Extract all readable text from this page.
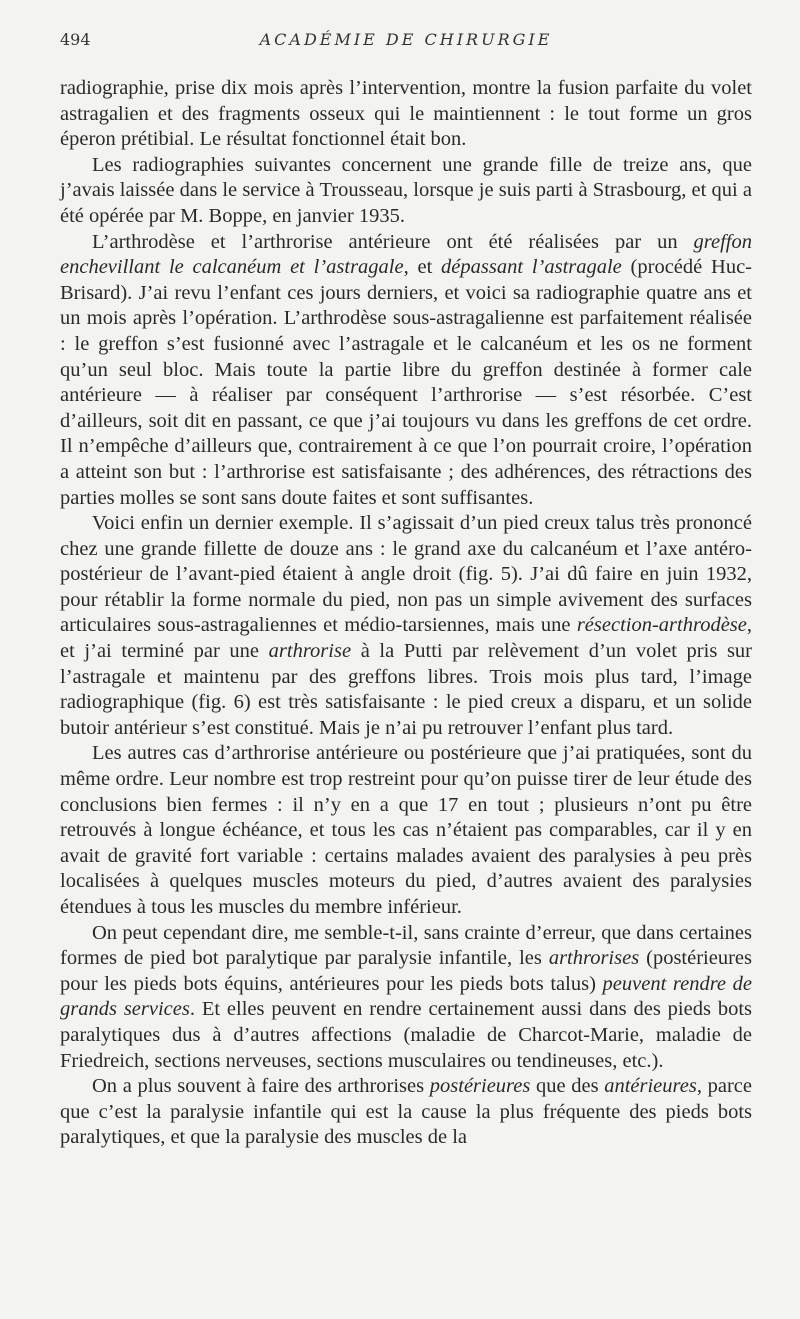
494	ACADÉMIE DE CHIRURGIE

radiographie, prise dix mois après l’intervention, montre la fusion parfaite du volet astragalien et des fragments osseux qui le maintiennent : le tout forme un gros éperon prétibial. Le résultat fonctionnel était bon.

Les radiographies suivantes concernent une grande fille de treize ans, que j’avais laissée dans le service à Trousseau, lorsque je suis parti à Strasbourg, et qui a été opérée par M. Boppe, en janvier 1935.

L’arthrodèse et l’arthrorise antérieure ont été réalisées par un greffon enchevillant le calcanéum et l’astragale, et dépassant l’astragale (procédé Huc-Brisard). J’ai revu l’enfant ces jours derniers, et voici sa radiographie quatre ans et un mois après l’opération. L’arthrodèse sous-astragalienne est parfaitement réalisée : le greffon s’est fusionné avec l’astragale et le calcanéum et les os ne forment qu’un seul bloc. Mais toute la partie libre du greffon destinée à former cale antérieure — à réaliser par conséquent l’arthrorise — s’est résorbée. C’est d’ailleurs, soit dit en passant, ce que j’ai toujours vu dans les greffons de cet ordre. Il n’empêche d’ailleurs que, contrairement à ce que l’on pourrait croire, l’opération a atteint son but : l’arthrorise est satisfaisante ; des adhérences, des rétractions des parties molles se sont sans doute faites et sont suffisantes.

Voici enfin un dernier exemple. Il s’agissait d’un pied creux talus très prononcé chez une grande fillette de douze ans : le grand axe du calcanéum et l’axe antéro-postérieur de l’avant-pied étaient à angle droit (fig. 5). J’ai dû faire en juin 1932, pour rétablir la forme normale du pied, non pas un simple avivement des surfaces articulaires sous-astragaliennes et médio-tarsiennes, mais une résection-arthrodèse, et j’ai terminé par une arthrorise à la Putti par relèvement d’un volet pris sur l’astragale et maintenu par des greffons libres. Trois mois plus tard, l’image radiographique (fig. 6) est très satisfaisante : le pied creux a disparu, et un solide butoir antérieur s’est constitué. Mais je n’ai pu retrouver l’enfant plus tard.

Les autres cas d’arthrorise antérieure ou postérieure que j’ai pratiquées, sont du même ordre. Leur nombre est trop restreint pour qu’on puisse tirer de leur étude des conclusions bien fermes : il n’y en a que 17 en tout ; plusieurs n’ont pu être retrouvés à longue échéance, et tous les cas n’étaient pas comparables, car il y en avait de gravité fort variable : certains malades avaient des paralysies à peu près localisées à quelques muscles moteurs du pied, d’autres avaient des paralysies étendues à tous les muscles du membre inférieur.

On peut cependant dire, me semble-t-il, sans crainte d’erreur, que dans certaines formes de pied bot paralytique par paralysie infantile, les arthrorises (postérieures pour les pieds bots équins, antérieures pour les pieds bots talus) peuvent rendre de grands services. Et elles peuvent en rendre certainement aussi dans des pieds bots paralytiques dus à d’autres affections (maladie de Charcot-Marie, maladie de Friedreich, sections nerveuses, sections musculaires ou tendineuses, etc.).

On a plus souvent à faire des arthrorises postérieures que des antérieures, parce que c’est la paralysie infantile qui est la cause la plus fréquente des pieds bots paralytiques, et que la paralysie des muscles de la
